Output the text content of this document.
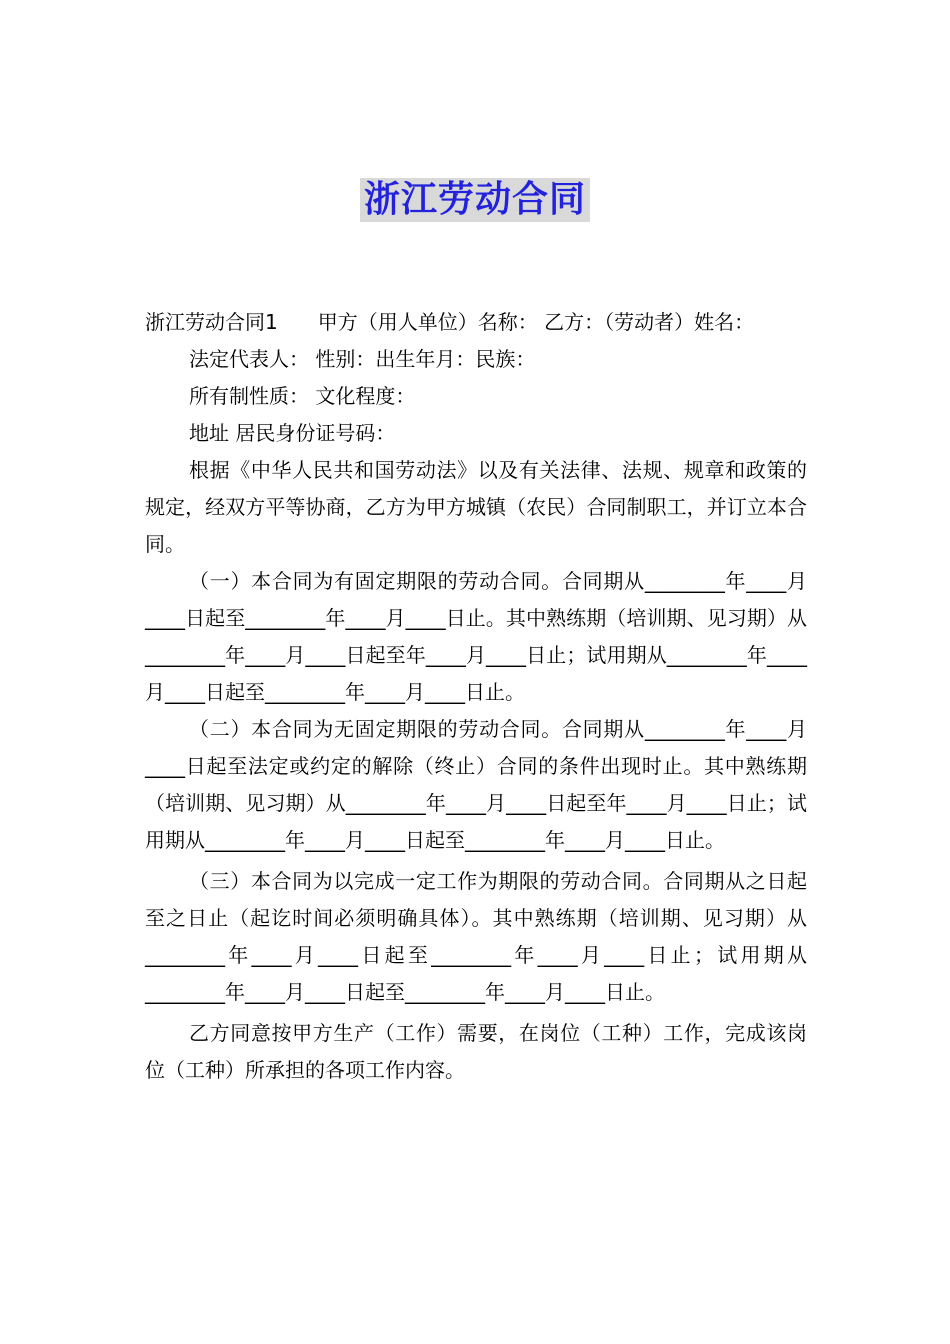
浙江劳动合同

浙江劳动合同1　　甲方（用人单位）名称： 乙方：（劳动者）姓名：

法定代表人： 性别：出生年月：民族：

所有制性质： 文化程度：

地址 居民身份证号码：

根据《中华人民共和国劳动法》以及有关法律、法规、规章和政策的规定，经双方平等协商，乙方为甲方城镇（农民）合同制职工，并订立本合同。

（一）本合同为有固定期限的劳动合同。合同期从________年____月____日起至________年____月____日止。其中熟练期（培训期、见习期）从________年____月____日起至年____月____日止；试用期从________年____月____日起至________年____月____日止。

（二）本合同为无固定期限的劳动合同。合同期从________年____月____日起至法定或约定的解除（终止）合同的条件出现时止。其中熟练期（培训期、见习期）从________年____月____日起至年____月____日止；试用期从________年____月____日起至________年____月____日止。

（三）本合同为以完成一定工作为期限的劳动合同。合同期从之日起至之日止（起讫时间必须明确具体）。其中熟练期（培训期、见习期）从________年____月____日起至________年____月____日止；试用期从________年____月____日起至________年____月____日止。

乙方同意按甲方生产（工作）需要，在岗位（工种）工作，完成该岗位（工种）所承担的各项工作内容。
